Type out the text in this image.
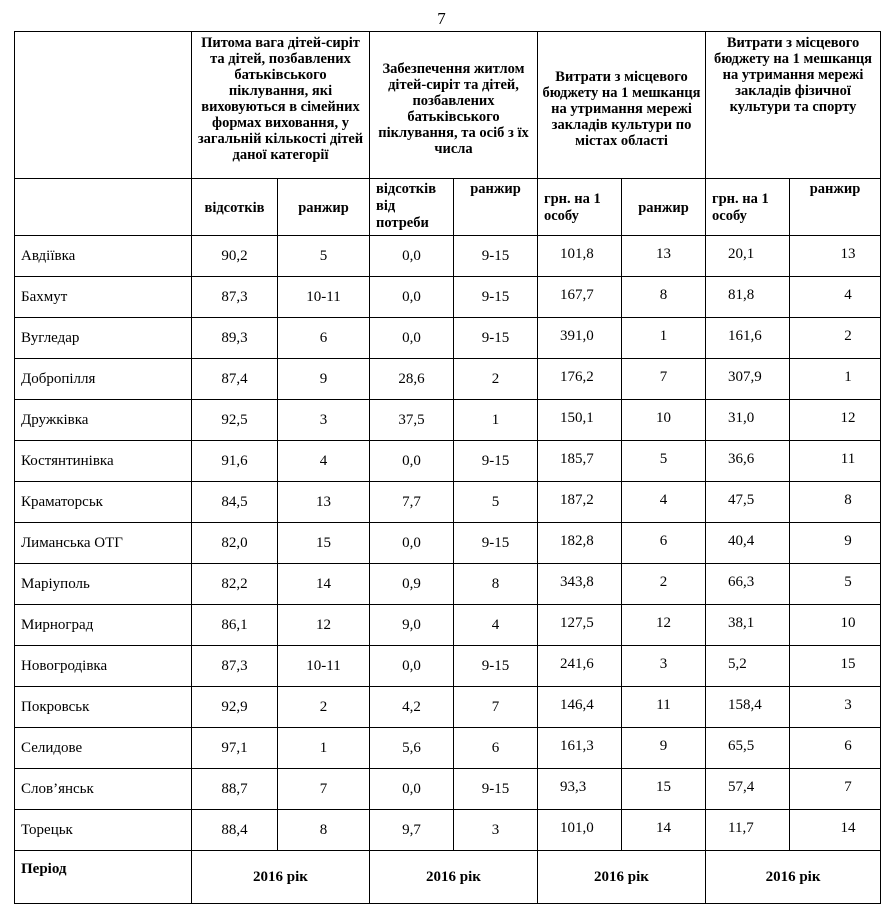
7
	Питома вага дітей-сиріт та дітей, позбавлених батьківського піклування, які виховуються в сімейних формах виховання, у загальній кількості дітей даної категорії		Забезпечення житлом дітей-сиріт та дітей, позбавлених батьківського піклування, та осіб з їх числа		Витрати з місцевого бюджету на 1 мешканця на утримання мережі закладів культури по містах області		Витрати з місцевого бюджету на 1 мешканця на утримання мережі закладів фізичної культури та спорту	
	відсотків	ранжир	відсотків від потреби	ранжир	грн. на 1 особу	ранжир	грн. на 1 особу	ранжир
Авдіївка	90,2	5	0,0	9-15	101,8	13	20,1	13
Бахмут	87,3	10-11	0,0	9-15	167,7	8	81,8	4
Вугледар	89,3	6	0,0	9-15	391,0	1	161,6	2
Добропілля	87,4	9	28,6	2	176,2	7	307,9	1
Дружківка	92,5	3	37,5	1	150,1	10	31,0	12
Костянтинівка	91,6	4	0,0	9-15	185,7	5	36,6	11
Краматорськ	84,5	13	7,7	5	187,2	4	47,5	8
Лиманська ОТГ	82,0	15	0,0	9-15	182,8	6	40,4	9
Маріуполь	82,2	14	0,9	8	343,8	2	66,3	5
Мирноград	86,1	12	9,0	4	127,5	12	38,1	10
Новогродівка	87,3	10-11	0,0	9-15	241,6	3	5,2	15
Покровськ	92,9	2	4,2	7	146,4	11	158,4	3
Селидове	97,1	1	5,6	6	161,3	9	65,5	6
Слов’янськ	88,7	7	0,0	9-15	93,3	15	57,4	7
Торецьк	88,4	8	9,7	3	101,0	14	11,7	14
Період	2016 рік		2016 рік		2016 рік		2016 рік	
